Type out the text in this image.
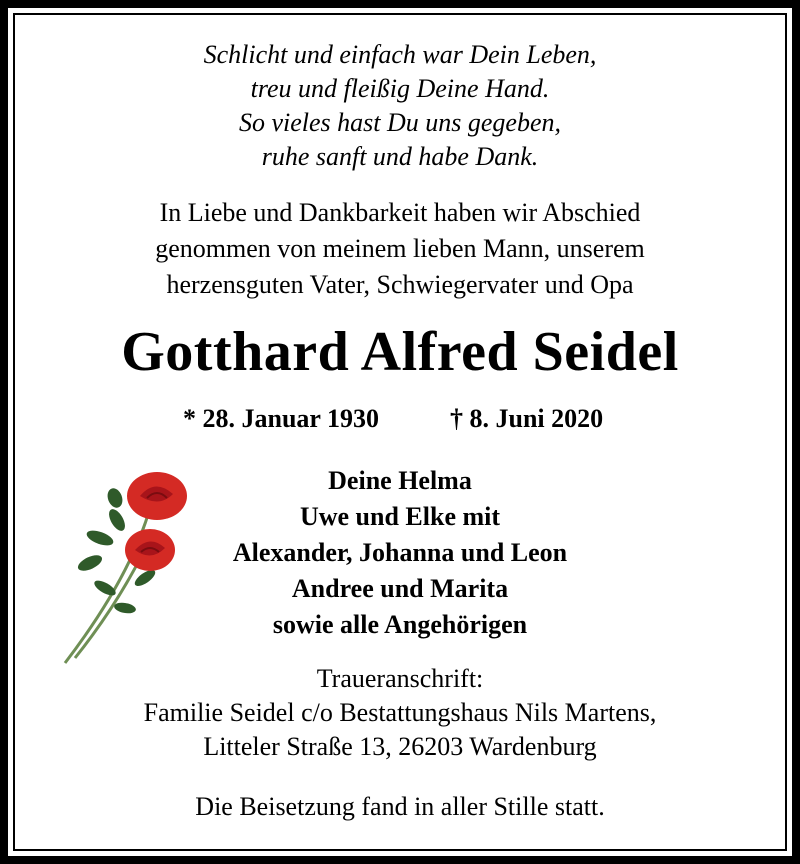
Schlicht und einfach war Dein Leben,
treu und fleißig Deine Hand.
So vieles hast Du uns gegeben,
ruhe sanft und habe Dank.
In Liebe und Dankbarkeit haben wir Abschied
genommen von meinem lieben Mann, unserem
herzensguten Vater, Schwiegervater und Opa
Gotthard Alfred Seidel
* 28. Januar 1930	† 8. Juni 2020
Deine Helma
Uwe und Elke mit
Alexander, Johanna und Leon
Andree und Marita
sowie alle Angehörigen
Traueranschrift:
Familie Seidel c/o Bestattungshaus Nils Martens,
Litteler Straße 13, 26203 Wardenburg
Die Beisetzung fand in aller Stille statt.
